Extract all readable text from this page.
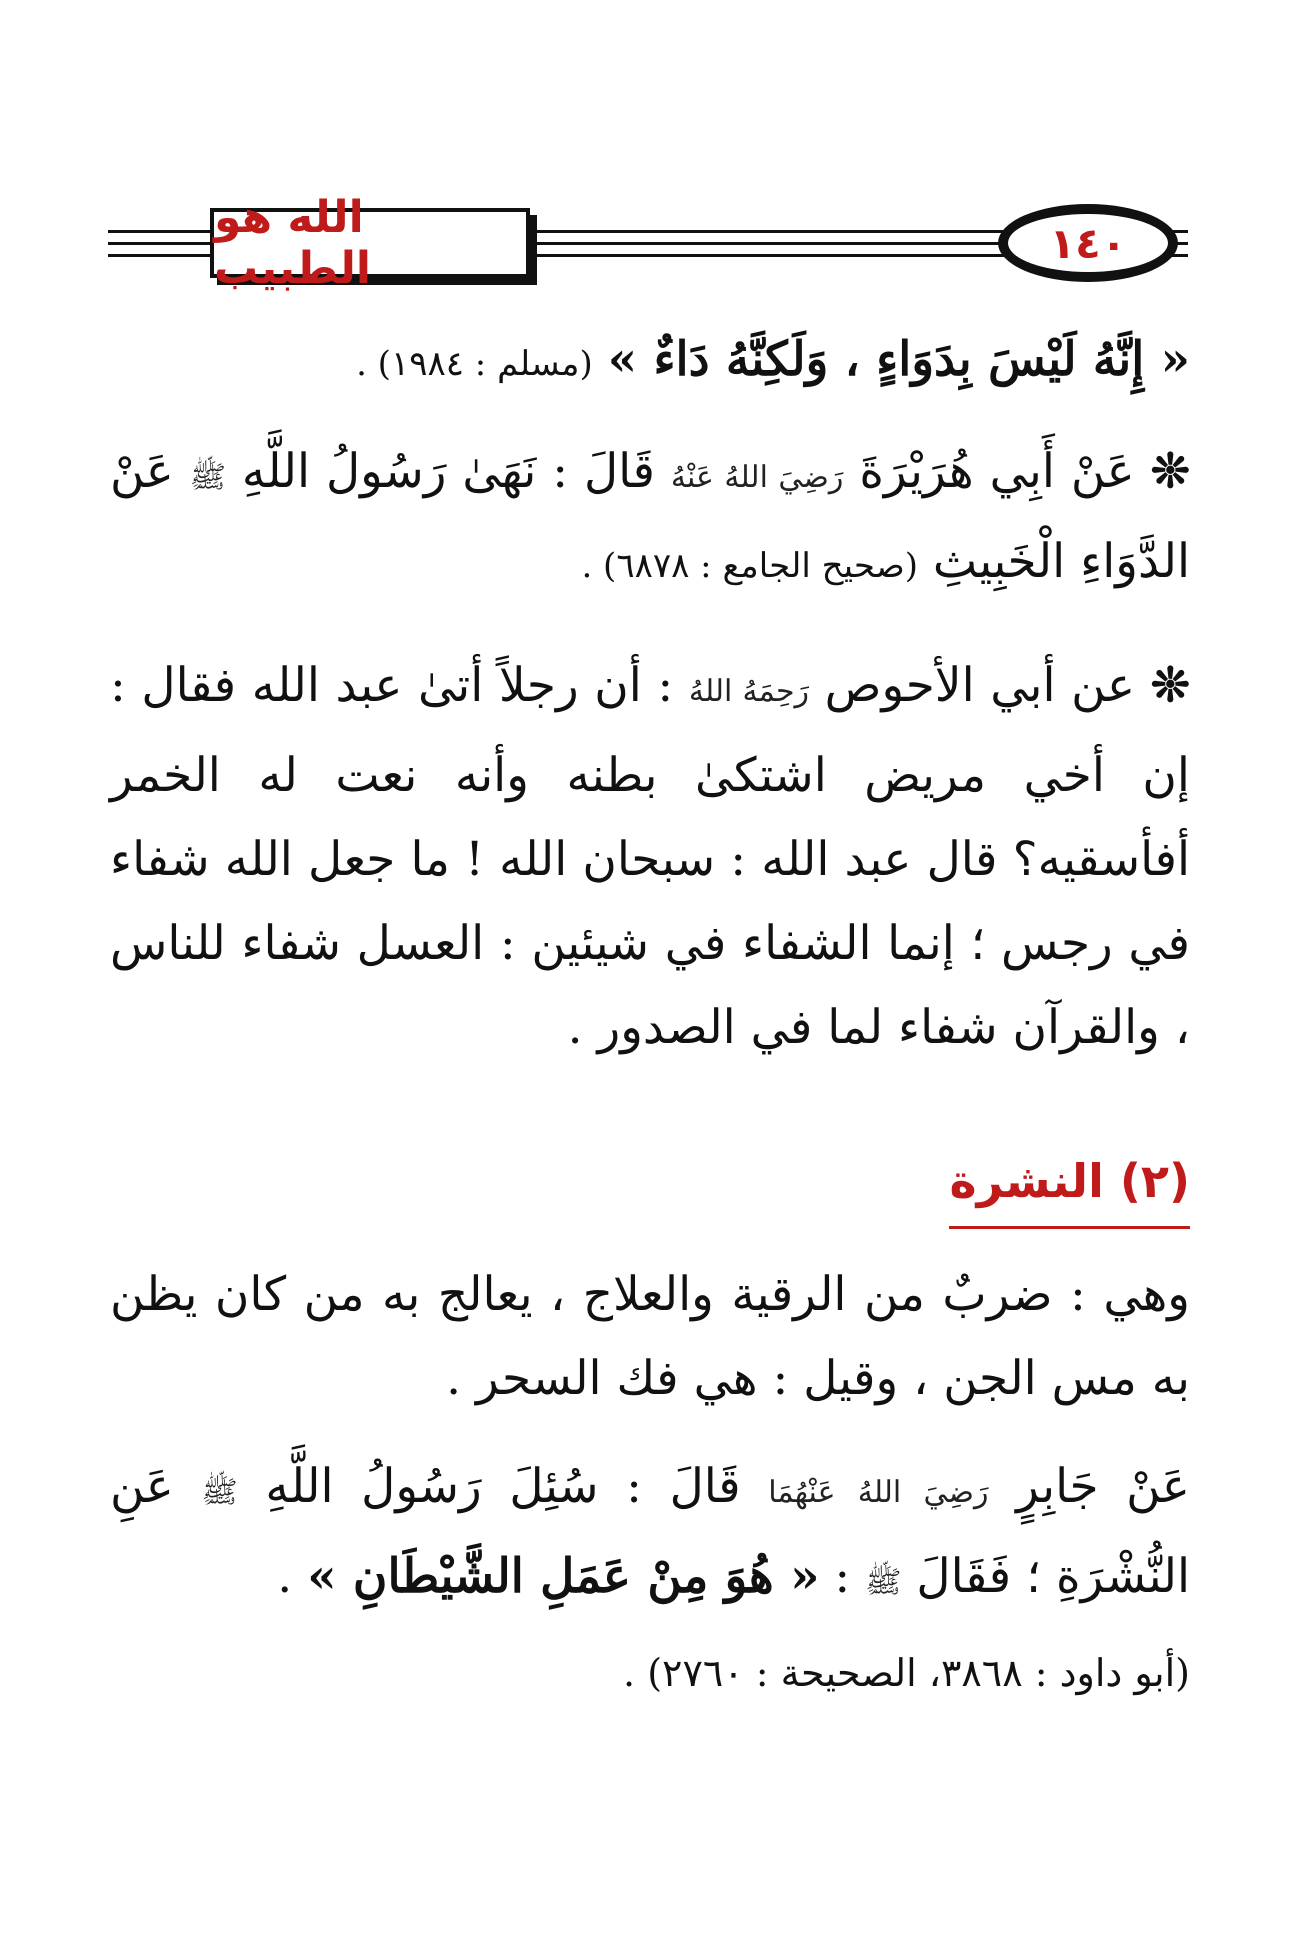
الله هو الطبيب	١٤٠

« إِنَّهُ لَيْسَ بِدَوَاءٍ ، وَلَكِنَّهُ دَاءٌ » (مسلم : ١٩٨٤) .

❊ عَنْ أَبِي هُرَيْرَةَ رَضِيَ اللهُ عَنْهُ قَالَ : نَهَىٰ رَسُولُ اللَّهِ ﷺ عَنْ الدَّوَاءِ الْخَبِيثِ (صحيح الجامع : ٦٨٧٨) .

❊ عن أبي الأحوص رَحِمَهُ اللهُ : أن رجلاً أتىٰ عبد الله فقال : إن أخي مريض اشتكىٰ بطنه وأنه نعت له الخمر أفأسقيه؟ قال عبد الله : سبحان الله ! ما جعل الله شفاء في رجس ؛ إنما الشفاء في شيئين : العسل شفاء للناس ، والقرآن شفاء لما في الصدور .

(٢) النشرة

وهي : ضربٌ من الرقية والعلاج ، يعالج به من كان يظن به مس الجن ، وقيل : هي فك السحر .

عَنْ جَابِرٍ رَضِيَ اللهُ عَنْهُمَا قَالَ : سُئِلَ رَسُولُ اللَّهِ ﷺ عَنِ النُّشْرَةِ ؛ فَقَالَ ﷺ : « هُوَ مِنْ عَمَلِ الشَّيْطَانِ » .

(أبو داود : ٣٨٦٨، الصحيحة : ٢٧٦٠) .
